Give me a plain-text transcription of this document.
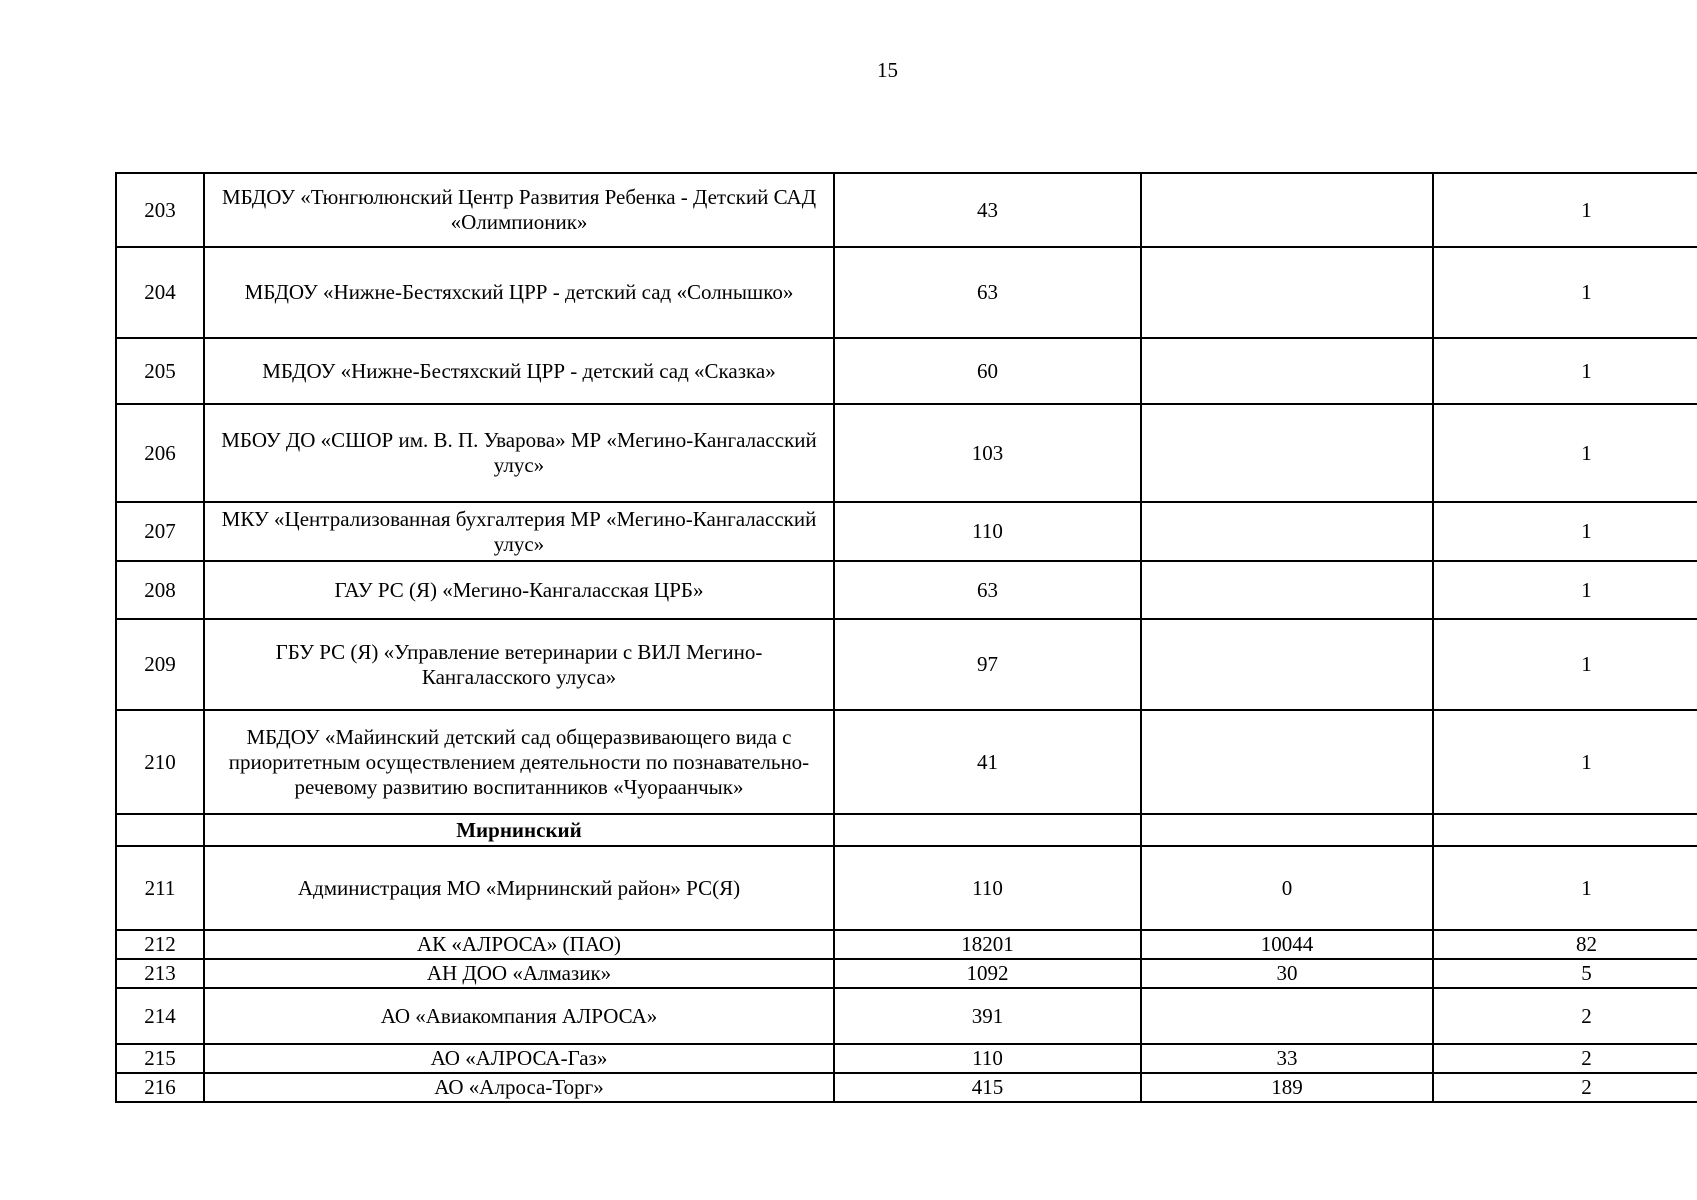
15
203	МБДОУ «Тюнгюлюнский Центр Развития Ребенка - Детский САД «Олимпионик»	43		1
204	МБДОУ «Нижне-Бестяхский ЦРР - детский сад «Солнышко»	63		1
205	МБДОУ «Нижне-Бестяхский ЦРР - детский сад «Сказка»	60		1
206	МБОУ ДО «СШОР им. В. П. Уварова» МР «Мегино-Кангаласский улус»	103		1
207	МКУ «Централизованная бухгалтерия МР «Мегино-Кангаласский улус»	110		1
208	ГАУ РС (Я) «Мегино-Кангаласская ЦРБ»	63		1
209	ГБУ РС (Я) «Управление ветеринарии с ВИЛ Мегино-Кангаласского улуса»	97		1
210	МБДОУ «Майинский детский сад общеразвивающего вида с приоритетным осуществлением деятельности по познавательно-речевому развитию воспитанников «Чуораанчык»	41		1
	Мирнинский			
211	Администрация МО «Мирнинский район» РС(Я)	110	0	1
212	АК «АЛРОСА» (ПАО)	18201	10044	82
213	АН ДОО «Алмазик»	1092	30	5
214	АО «Авиакомпания АЛРОСА»	391		2
215	АО «АЛРОСА-Газ»	110	33	2
216	АО «Алроса-Торг»	415	189	2
